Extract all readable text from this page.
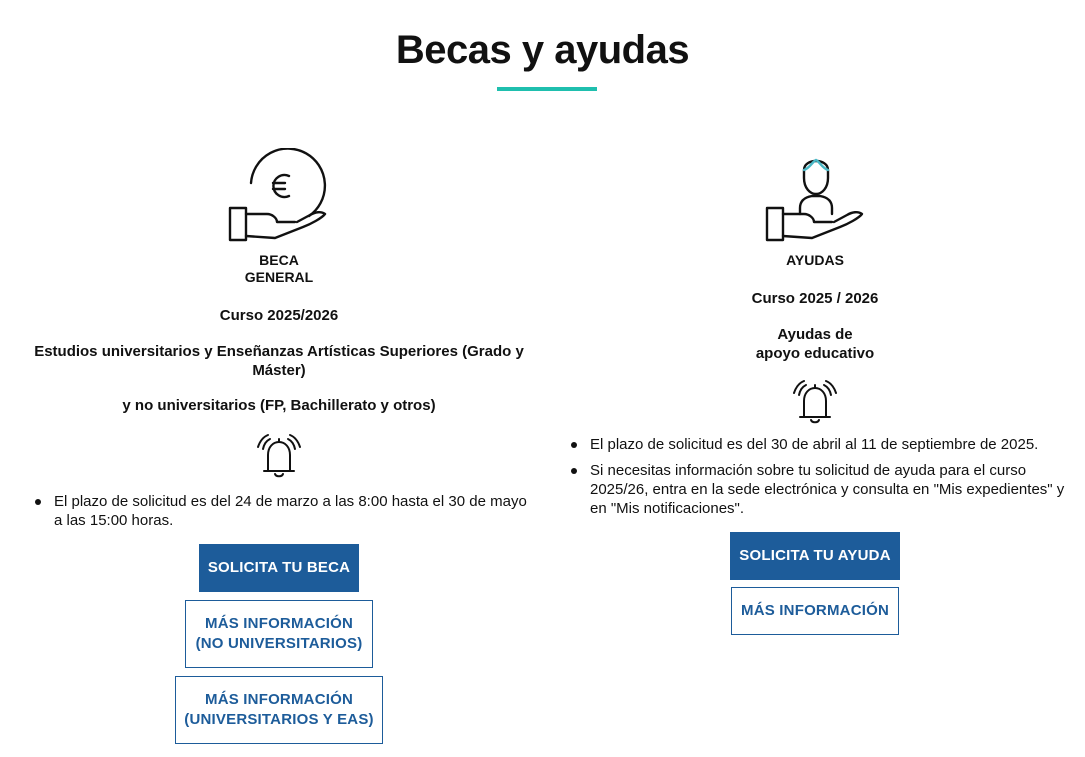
Becas y ayudas

BECA
GENERAL

Curso 2025/2026

Estudios universitarios y Enseñanzas Artísticas Superiores (Grado y Máster)

y no universitarios (FP, Bachillerato y otros)

El plazo de solicitud es del 24 de marzo a las 8:00 hasta el 30 de mayo a las 15:00 horas.
SOLICITA TU BECA
MÁS INFORMACIÓN
(NO UNIVERSITARIOS)
MÁS INFORMACIÓN
(UNIVERSITARIOS Y EAS)

AYUDAS

Curso 2025 / 2026

Ayudas de
apoyo educativo

El plazo de solicitud es del 30 de abril al 11 de septiembre de 2025.
Si necesitas información sobre tu solicitud de ayuda para el curso 2025/26, entra en la sede electrónica y consulta en "Mis expedientes" y en "Mis notificaciones".
SOLICITA TU AYUDA
MÁS INFORMACIÓN
